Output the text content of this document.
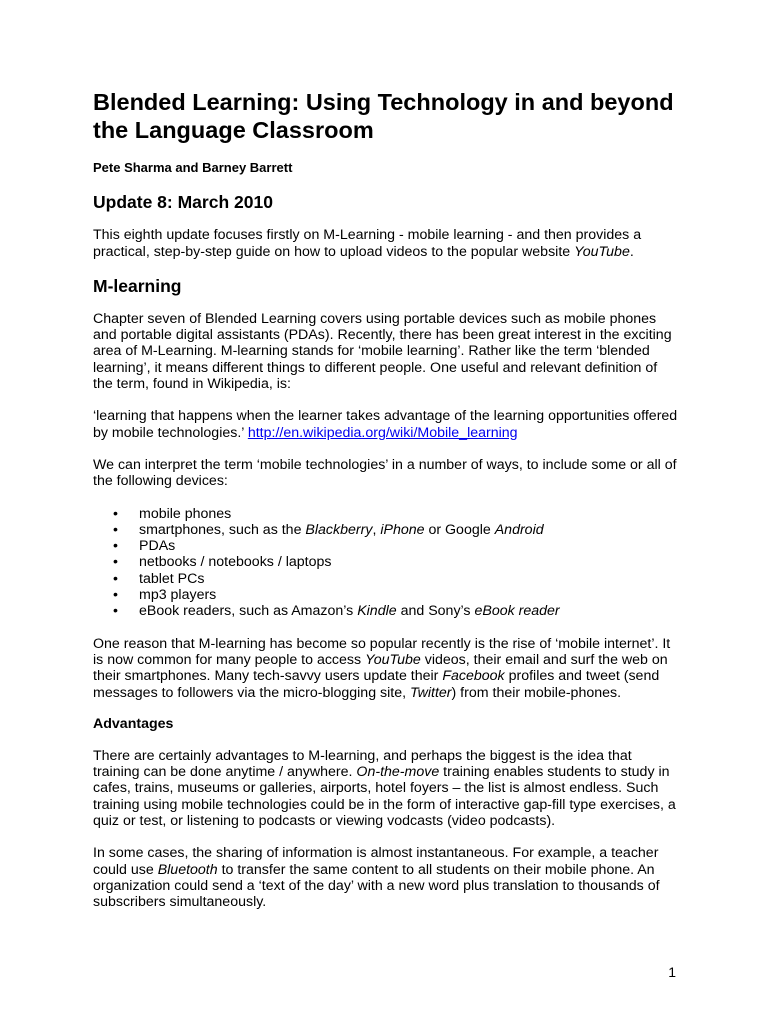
Blended Learning: Using Technology in and beyond the Language Classroom
Pete Sharma and Barney Barrett
Update 8: March 2010

This eighth update focuses firstly on M-Learning - mobile learning - and then provides a practical, step-by-step guide on how to upload videos to the popular website YouTube.

M-learning

Chapter seven of Blended Learning covers using portable devices such as mobile phones and portable digital assistants (PDAs). Recently, there has been great interest in the exciting area of M-Learning. M-learning stands for ‘mobile learning’. Rather like the term ‘blended learning’, it means different things to different people. One useful and relevant definition of the term, found in Wikipedia, is:

‘learning that happens when the learner takes advantage of the learning opportunities offered by mobile technologies.’ http://en.wikipedia.org/wiki/Mobile_learning

We can interpret the term ‘mobile technologies’ in a number of ways, to include some or all of the following devices:

• mobile phones
• smartphones, such as the Blackberry, iPhone or Google Android
• PDAs
• netbooks / notebooks / laptops
• tablet PCs
• mp3 players
• eBook readers, such as Amazon’s Kindle and Sony’s eBook reader

One reason that M-learning has become so popular recently is the rise of ‘mobile internet’. It is now common for many people to access YouTube videos, their email and surf the web on their smartphones. Many tech-savvy users update their Facebook profiles and tweet (send messages to followers via the micro-blogging site, Twitter) from their mobile-phones.

Advantages

There are certainly advantages to M-learning, and perhaps the biggest is the idea that training can be done anytime / anywhere. On-the-move training enables students to study in cafes, trains, museums or galleries, airports, hotel foyers – the list is almost endless. Such training using mobile technologies could be in the form of interactive gap-fill type exercises, a quiz or test, or listening to podcasts or viewing vodcasts (video podcasts).

In some cases, the sharing of information is almost instantaneous. For example, a teacher could use Bluetooth to transfer the same content to all students on their mobile phone. An organization could send a ‘text of the day’ with a new word plus translation to thousands of subscribers simultaneously.

1
